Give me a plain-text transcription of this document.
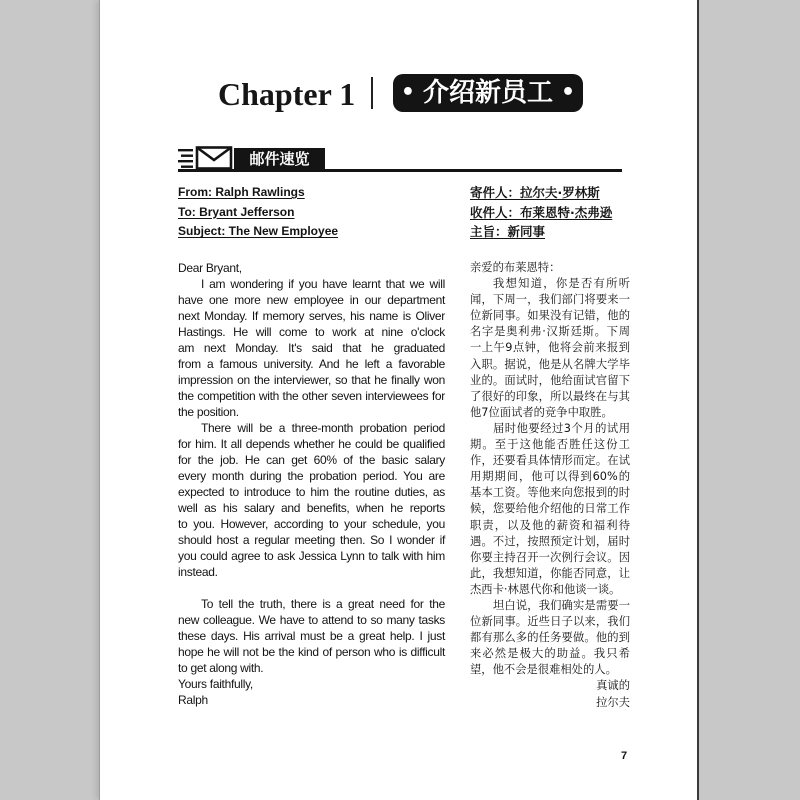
Chapter 1 • 介绍新员工 •
邮件速览
From: Ralph Rawlings
To: Bryant Jefferson
Subject: The New Employee
寄件人：拉尔夫·罗林斯
收件人：布莱恩特·杰弗逊
主旨：新同事
Dear Bryant,
I am wondering if you have learnt that we will
have one more new employee in our department
next Monday. If memory serves, his name is Oliver
Hastings. He will come to work at nine o'clock
am next Monday. It's said that he graduated
from a famous university. And he left a favorable
impression on the interviewer, so that he finally won
the competition with the other seven interviewees for
the position.
There will be a three-month probation period
for him. It all depends whether he could be qualified
for the job. He can get 60% of the basic salary
every month during the probation period. You are
expected to introduce to him the routine duties, as
well as his salary and benefits, when he reports
to you. However, according to your schedule, you
should host a regular meeting then. So I wonder if
you could agree to ask Jessica Lynn to talk with him
instead.
To tell the truth, there is a great need for the
new colleague. We have to attend to so many tasks
these days. His arrival must be a great help. I just
hope he will not be the kind of person who is difficult
to get along with.
Yours faithfully,
Ralph
亲爱的布莱恩特：
我想知道，你是否有所听
闻，下周一，我们部门将要来一
位新同事。如果没有记错，他的
名字是奥利弗·汉斯廷斯。下周
一上午9点钟，他将会前来报到
入职。据说，他是从名牌大学毕
业的。面试时，他给面试官留下
了很好的印象，所以最终在与其
他7位面试者的竞争中取胜。
届时他要经过3个月的试用
期。至于这他能否胜任这份工
作，还要看具体情形而定。在试
用期期间，他可以得到60%的
基本工资。等他来向您报到的时
候，您要给他介绍他的日常工作
职责，以及他的薪资和福利待
遇。不过，按照预定计划，届时
你要主持召开一次例行会议。因
此，我想知道，你能否同意，让
杰西卡·林恩代你和他谈一谈。
坦白说，我们确实是需要一
位新同事。近些日子以来，我们
都有那么多的任务要做。他的到
来必然是极大的助益。我只希
望，他不会是很难相处的人。
真诚的
拉尔夫
7
